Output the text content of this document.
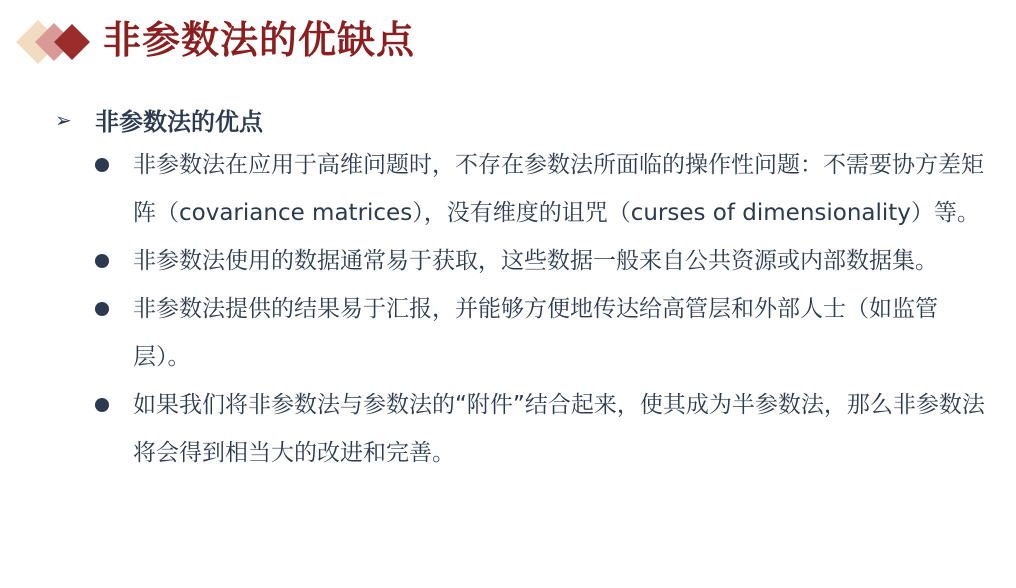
非参数法的优缺点
➢ 非参数法的优点
非参数法在应用于高维问题时，不存在参数法所面临的操作性问题：不需要协方差矩阵（covariance matrices），没有维度的诅咒（curses of dimensionality）等。
非参数法使用的数据通常易于获取，这些数据一般来自公共资源或内部数据集。
非参数法提供的结果易于汇报，并能够方便地传达给高管层和外部人士（如监管层）。
如果我们将非参数法与参数法的“附件”结合起来，使其成为半参数法，那么非参数法将会得到相当大的改进和完善。
